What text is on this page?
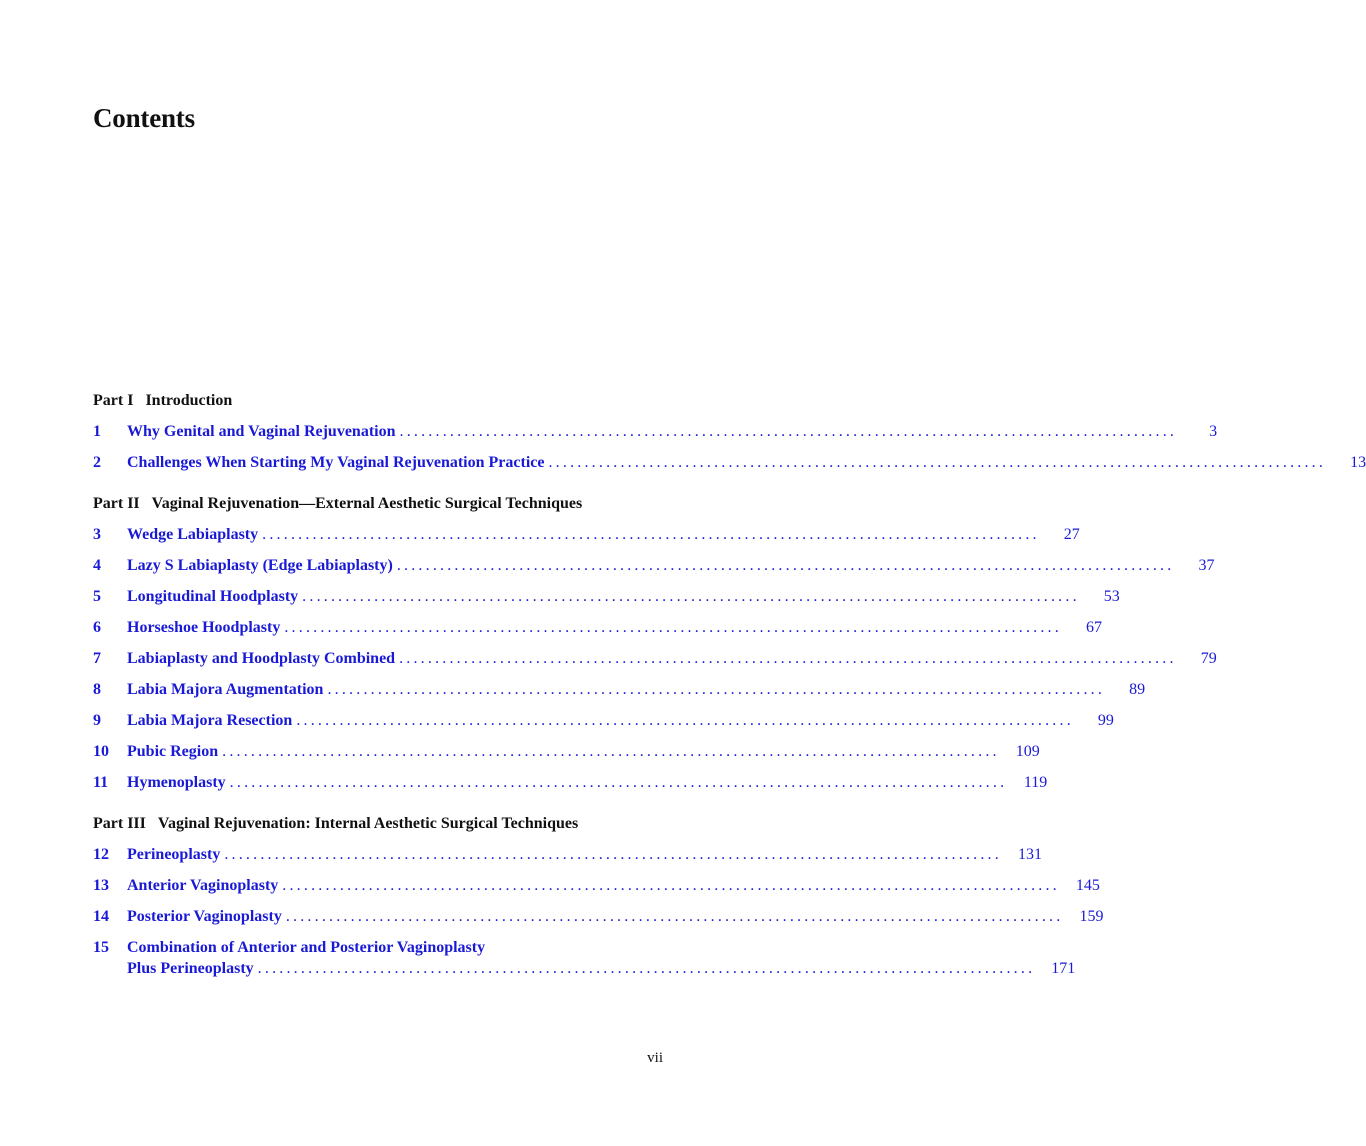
Contents
Part I Introduction
1	Why Genital and Vaginal Rejuvenation ............................................................................................................	3
2	Challenges When Starting My Vaginal Rejuvenation Practice ............................................................................................................	13
Part II Vaginal Rejuvenation—External Aesthetic Surgical Techniques
3	Wedge Labiaplasty ............................................................................................................	27
4	Lazy S Labiaplasty (Edge Labiaplasty) ............................................................................................................	37
5	Longitudinal Hoodplasty ............................................................................................................	53
6	Horseshoe Hoodplasty ............................................................................................................	67
7	Labiaplasty and Hoodplasty Combined ............................................................................................................	79
8	Labia Majora Augmentation ............................................................................................................	89
9	Labia Majora Resection ............................................................................................................	99
10	Pubic Region ............................................................................................................	109
11	Hymenoplasty ............................................................................................................	119
Part III Vaginal Rejuvenation: Internal Aesthetic Surgical Techniques
12	Perineoplasty ............................................................................................................	131
13	Anterior Vaginoplasty ............................................................................................................	145
14	Posterior Vaginoplasty ............................................................................................................	159
15	Combination of Anterior and Posterior Vaginoplasty
Plus Perineoplasty ............................................................................................................	171
vii
